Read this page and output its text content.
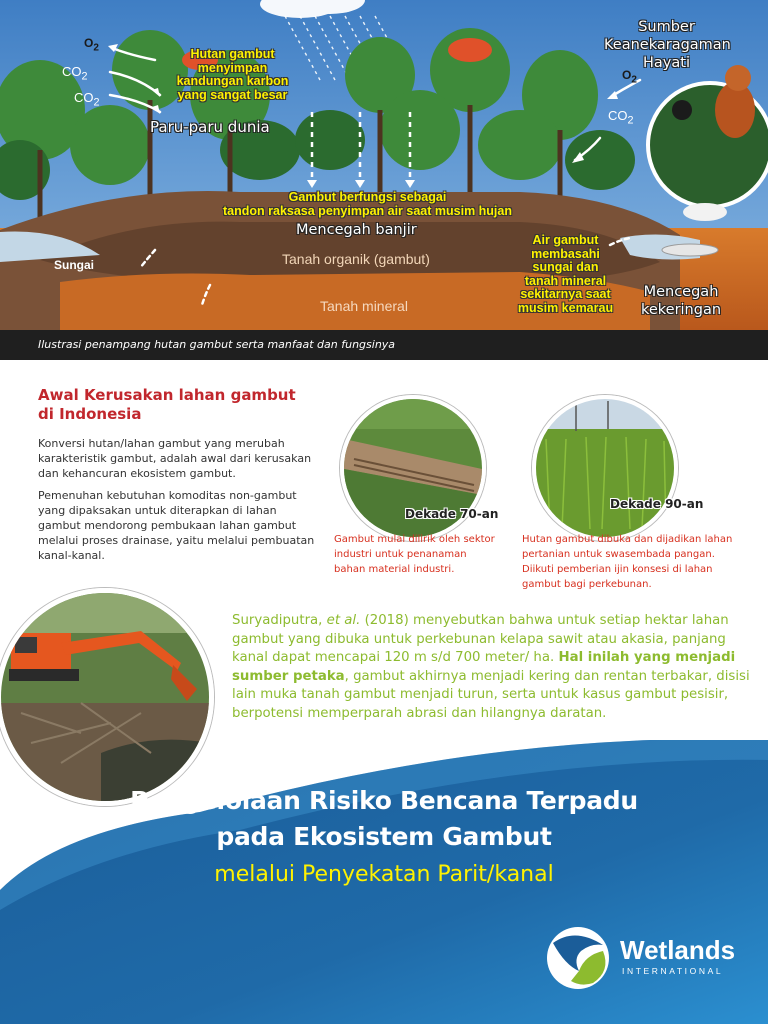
$O_2$
$CO_2$
$CO_2$
$O_2$
$CO_2$
Hutan gambut
menyimpan
kandungan karbon
yang sangat besar
Paru-paru dunia
Sumber
Keanekaragaman
Hayati
Gambut berfungsi sebagai
tandon raksasa penyimpan air saat musim hujan
Mencegah banjir
Tanah organik (gambut)
Tanah mineral
Sungai
Air gambut
membasahi
sungai dan
tanah mineral
sekitarnya saat
musim kemarau
Mencegah
kekeringan
Ilustrasi penampang hutan gambut serta manfaat dan fungsinya
Awal Kerusakan lahan gambut
di Indonesia
Konversi hutan/lahan gambut yang merubah karakteristik gambut, adalah awal dari kerusakan dan kehancuran ekosistem gambut.
Pemenuhan kebutuhan komoditas non-gambut yang dipaksakan untuk diterapkan di lahan gambut mendorong pembukaan lahan gambut melalui proses drainase, yaitu melalui pembuatan kanal-kanal.
Dekade 70-an
Gambut mulai dilirik oleh sektor
industri untuk penanaman
bahan material industri.
Dekade 90-an
Hutan gambut dibuka dan dijadikan lahan
pertanian untuk swasembada pangan.
Diikuti pemberian ijin konsesi di lahan
gambut bagi perkebunan.
Suryadiputra, et al. (2018) menyebutkan bahwa untuk setiap hektar lahan gambut yang dibuka untuk perkebunan kelapa sawit atau akasia, panjang kanal dapat mencapai 120 m s/d 700 meter/ ha. Hal inilah yang menjadi sumber petaka, gambut akhirnya menjadi kering dan rentan terbakar, disisi lain muka tanah gambut menjadi turun, serta untuk kasus gambut pesisir, berpotensi memperparah abrasi dan hilangnya daratan.
Pengelolaan Risiko Bencana Terpadu
pada Ekosistem Gambut
melalui Penyekatan Parit/kanal
Wetlands
INTERNATIONAL
